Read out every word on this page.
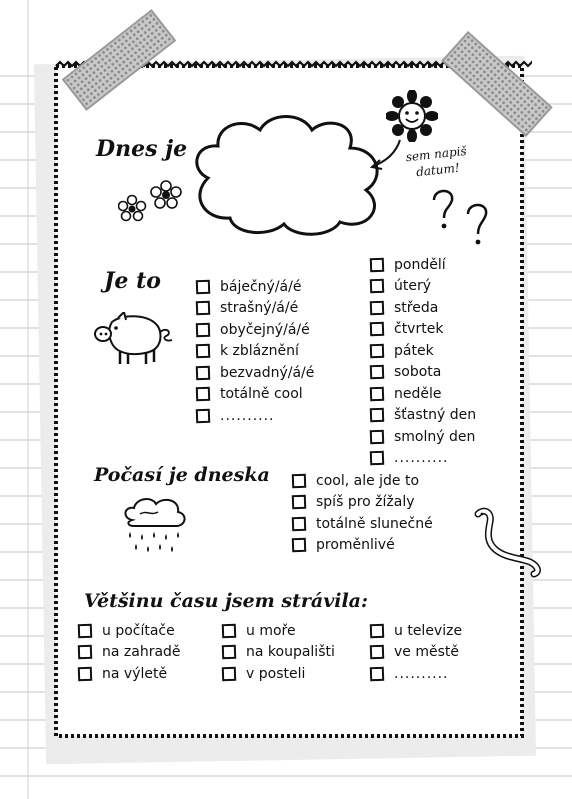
Dnes je	sem napiš datum!
Je to	báječný/á/é
strašný/á/é
obyčejný/á/é
k zbláznění
bezvadný/á/é
totálně cool
..........
pondělí
úterý
středa
čtvrtek
pátek
sobota
neděle
šťastný den
smolný den
..........
Počasí je dneska	cool, ale jde to
spíš pro žížaly
totálně slunečné
proměnlivé
Většinu času jsem strávila:
u počítače
na zahradě
na výletě
u moře
na koupališti
v posteli
u televize
ve městě
..........
